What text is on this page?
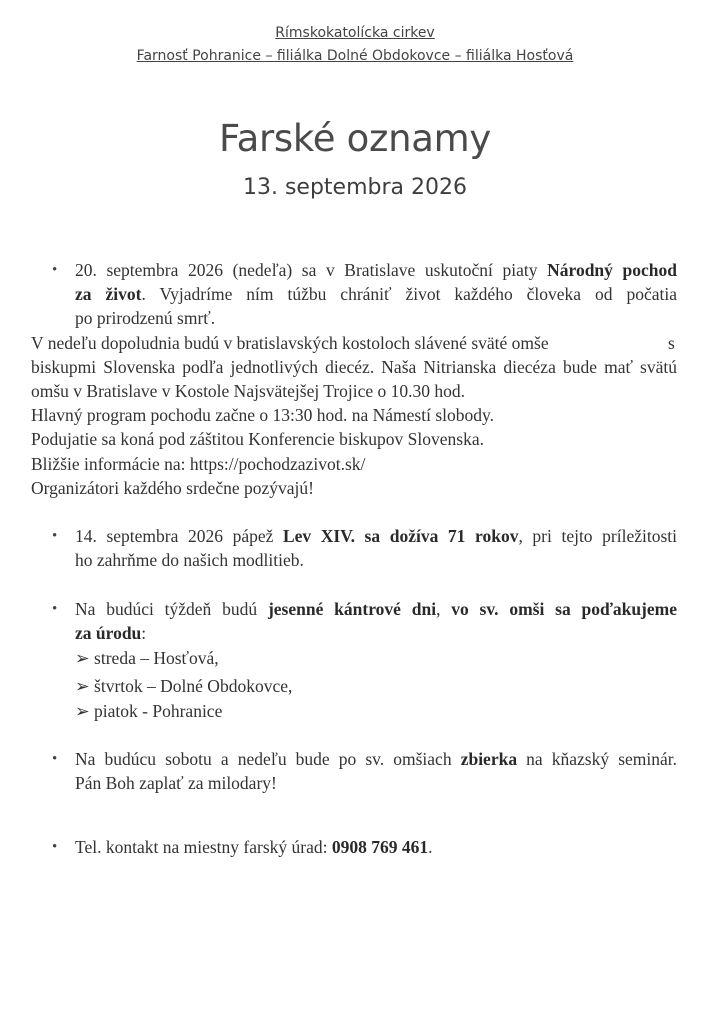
Rímskokatolícka cirkev
Farnosť Pohranice – filiálka Dolné Obdokovce – filiálka Hosťová
Farské oznamy
13. septembra 2026
• 20. septembra 2026 (nedeľa) sa v Bratislave uskutoční piaty Národný pochod
za život. Vyjadríme ním túžbu chrániť život každého človeka od počatia
po prirodzenú smrť.
V nedeľu dopoludnia budú v bratislavských kostoloch slávené sväté omše	s
biskupmi Slovenska podľa jednotlivých diecéz. Naša Nitrianska diecéza bude mať svätú
omšu v Bratislave v Kostole Najsvätejšej Trojice o 10.30 hod.
Hlavný program pochodu začne o 13:30 hod. na Námestí slobody.
Podujatie sa koná pod záštitou Konferencie biskupov Slovenska.
Bližšie informácie na: https://pochodzazivot.sk/
Organizátori každého srdečne pozývajú!
• 14. septembra 2026 pápež Lev XIV. sa dožíva 71 rokov, pri tejto príležitosti
ho zahrňme do našich modlitieb.
• Na budúci týždeň budú jesenné kántrové dni, vo sv. omši sa poďakujeme
za úrodu:
➢ streda – Hosťová,
➢ štvrtok – Dolné Obdokovce,
➢ piatok - Pohranice
• Na budúcu sobotu a nedeľu bude po sv. omšiach zbierka na kňazský seminár.
Pán Boh zaplať za milodary!
• Tel. kontakt na miestny farský úrad: 0908 769 461.
